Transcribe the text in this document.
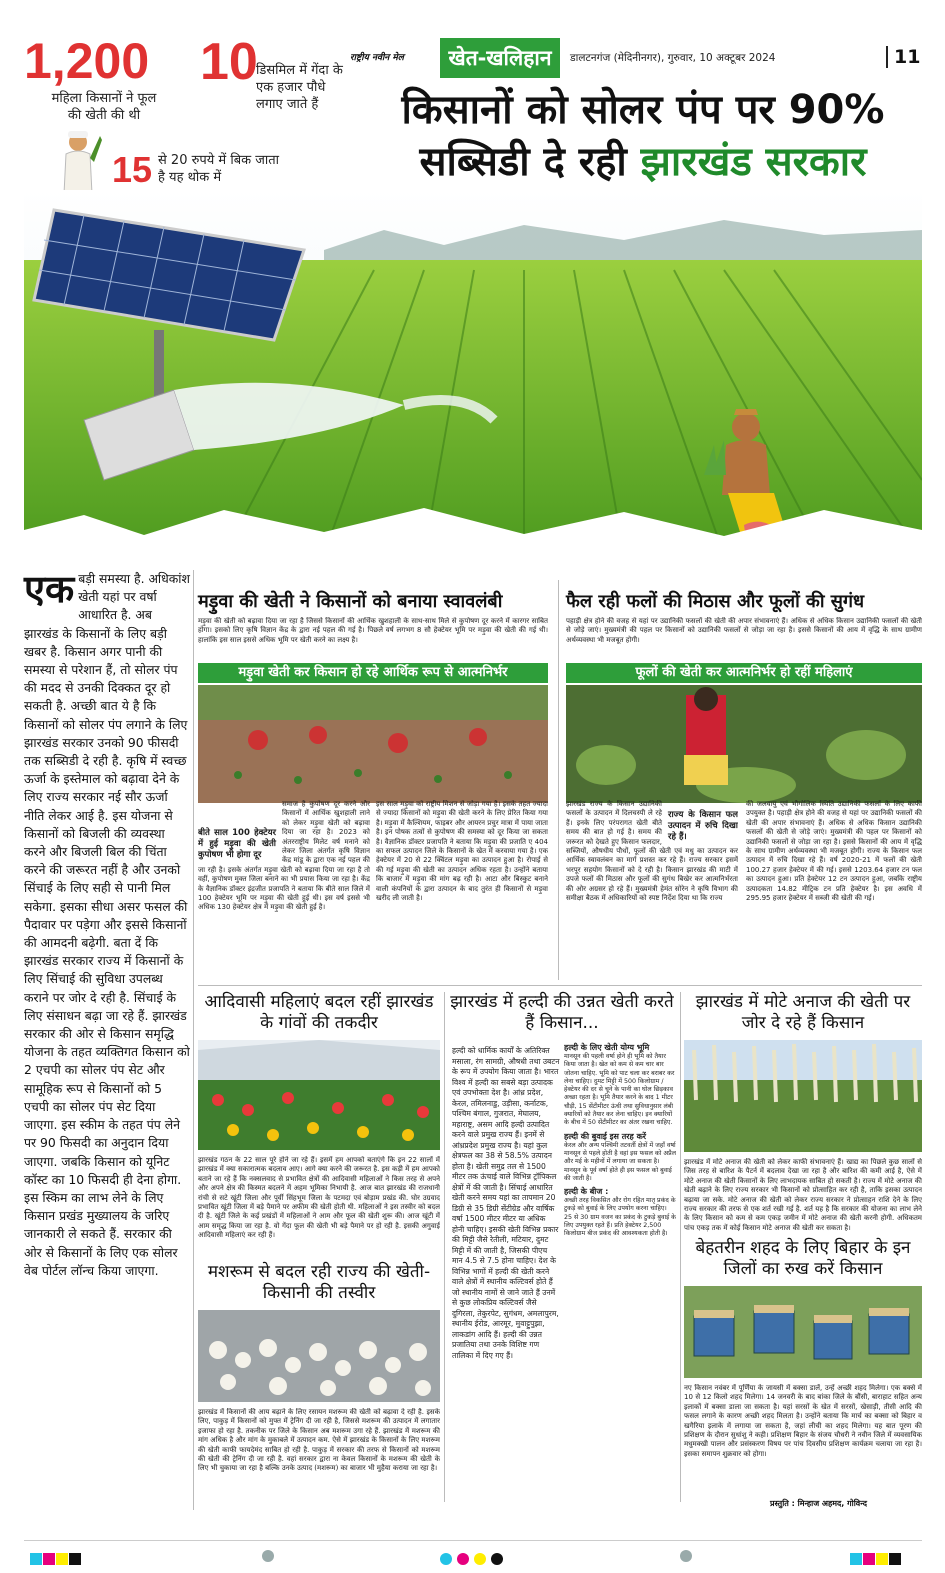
1,200
महिला किसानों ने फूल की खेती की थी
10
डिसमिल में गेंदा के एक हजार पौधे लगाए जाते हैं
15 से 20 रुपये में बिक जाता है यह थोक में
राष्ट्रीय नवीन मेल	खेत-खलिहान	डालटनगंज (मेदिनीनगर), गुरुवार, 10 अक्टूबर 2024	11
किसानों को सोलर पंप पर 90%
सब्सिडी दे रही झारखंड सरकार
एक बड़ी समस्या है. अधिकांश खेती यहां पर वर्षा आधारित है. अब झारखंड के किसानों के लिए बड़ी खबर है. किसान अगर पानी की समस्या से परेशान हैं, तो सोलर पंप की मदद से उनकी दिक्कत दूर हो सकती है. अच्छी बात ये है कि किसानों को सोलर पंप लगाने के लिए झारखंड सरकार उनको 90 फीसदी तक सब्सिडी दे रही है. कृषि में स्वच्छ ऊर्जा के इस्तेमाल को बढ़ावा देने के लिए राज्य सरकार नई सौर ऊर्जा नीति लेकर आई है. इस योजना से किसानों को बिजली की व्यवस्था करने और बिजली बिल की चिंता करने की जरूरत नहीं है और उनको सिंचाई के लिए सही से पानी मिल सकेगा. इसका सीधा असर फसल की पैदावार पर पड़ेगा और इससे किसानों की आमदनी बढ़ेगी. बता दें कि झारखंड सरकार राज्य में किसानों के लिए सिंचाई की सुविधा उपलब्ध कराने पर जोर दे रही है. सिंचाई के लिए संसाधन बढ़ा जा रहे हैं. झारखंड सरकार की ओर से किसान समृद्धि योजना के तहत व्यक्तिगत किसान को 2 एचपी का सोलर पंप सेट और सामूहिक रूप से किसानों को 5 एचपी का सोलर पंप सेट दिया जाएगा. इस स्कीम के तहत पंप लेने पर 90 फिसदी का अनुदान दिया जाएगा. जबकि किसान को यूनिट कॉस्ट का 10 फिसदी ही देना होगा. इस स्किम का लाभ लेने के लिए किसान प्रखंड मुख्यालय के जरिए जानकारी ले सकते हैं. सरकार की ओर से किसानों के लिए एक सोलर वेब पोर्टल लॉन्च किया जाएगा.
मड़ुवा की खेती ने किसानों को बनाया स्वावलंबी
मड़ुवा की खेती को बढ़ावा दिया जा रहा है जिससे किसानों की आर्थिक खुशहाली के साथ-साथ मिले से कुपोषण दूर करने में कारगर साबित होगा। इसको लिए कृषि विज्ञान केंद्र के द्वारा नई पहल की गई है। पिछले वर्ष लगभग 8 सौ हेक्टेयर भूमि पर मड़ुवा की खेती की गई थी। हालांकि इस साल इससे अधिक भूमि पर खेती करने का लक्ष्य है।
मड़ुवा खेती कर किसान हो रहे आर्थिक रूप से आत्मनिर्भर
बीते साल 100 हेक्टेयर में हुई मड़ुवा की खेती कुपोषण भी होगा दूर
समाज है कुपोषण दूर करने और किसानों में आर्थिक खुशहाली लाने को लेकर मड़ुवा खेती को बढ़ावा दिया जा रहा है। 2023 को अंतरराष्ट्रीय मिलेट वर्ष मनाने को लेकर जिला अंतर्गत कृषि विज्ञान केंद्र मांडू के द्वारा एक नई पहल की जा रही है। इसके अंतर्गत मड़ुवा खेती को बढ़ावा दिया जा रहा है तो वहीं, कुपोषण मुक्त जिला बनाने का भी प्रयास किया जा रहा है। केंद्र के वैज्ञानिक डॉक्टर इंद्रजीत प्रजापति ने बताया कि बीते साल जिले में 100 हेक्टेयर भूमि पर मड़ुवा की खेती हुई थी। इस वर्ष इससे भी अधिक 130 हेक्टेयर क्षेत्र में मड़ुवा की खेती हुई है।
इस साल मड़ुवा को राष्ट्रीय मिशन से जोड़ा गया है। इसके तहत ज्यादा से ज्यादा किसानों को मड़ुवा की खेती करने के लिए प्रेरित किया गया है। मड़ुवा में कैल्शियम, फाइबर और आयरन प्रचुर मात्रा में पाया जाता है। इन पोषक तत्वों से कुपोषण की समस्या को दूर किया जा सकता है। वैज्ञानिक डॉक्टर प्रजापति ने बताया कि मड़ुवा की प्रजाति ए 404 का सफल उत्पादन जिले के किसानों के खेत में करवाया गया है। एक हेक्टेयर में 20 से 22 क्विंटल मड़ुवा का उत्पादन हुआ है। रोपाई से की गई मड़ुवा की खेती का उत्पादन अधिक रहता है। उन्होंने बताया कि बाजार में मड़ुवा की मांग बढ़ रही है। आटा और बिस्कुट बनाने वाली कंपनियों के द्वारा उत्पादन के बाद तुरंत ही किसानों से मड़ुवा खरीद ली जाती है।
फैल रही फलों की मिठास और फूलों की सुगंध
पहाड़ी क्षेत्र होने की वजह से यहां पर उद्यानिकी फसलों की खेती की अपार संभावनाएं हैं। अधिक से अधिक किसान उद्यानिकी फसलों की खेती से जोड़े जाएं। मुख्यमंत्री की पहल पर किसानों को उद्यानिकी फसलों से जोड़ा जा रहा है। इससे किसानों की आय में वृद्धि के साथ ग्रामीण अर्थव्यवस्था भी मजबूत होगी।
फूलों की खेती कर आत्मनिर्भर हो रहीं महिलाएं
राज्य के किसान फल उत्पादन में रुचि दिखा रहे हैं।
झारखंड राज्य के किसान उद्यानिकी फसलों के उत्पादन में दिलचस्पी ले रहे हैं। इनके लिए परंपरागत खेती बीते समय की बात हो गई है। समय की जरूरत को देखते हुए किसान फलदार, सब्जियों, औषधीय पौधों, फूलों की खेती एवं मधु का उत्पादन कर आर्थिक स्वावलंबन का मार्ग प्रशस्त कर रहे हैं। राज्य सरकार इसमें भरपूर सहयोग किसानों को दे रही है। किसान झारखंड की माटी में उपजे फलों की मिठास और फूलों की सुगंध बिखेर कर आत्मनिर्भरता की ओर अग्रसर हो रहे हैं। मुख्यमंत्री हेमंत सोरेन ने कृषि विभाग की समीक्षा बैठक में अधिकारियों को स्पष्ट निर्देश दिया था कि राज्य
की जलवायु एवं भौगोलिक स्थिति उद्यानिकी फसलों के लिए काफी उपयुक्त है। पहाड़ी क्षेत्र होने की वजह से यहां पर उद्यानिकी फसलों की खेती की अपार संभावनाएं हैं। अधिक से अधिक किसान उद्यानिकी फसलों की खेती से जोड़े जाएं। मुख्यमंत्री की पहल पर किसानों को उद्यानिकी फसलों से जोड़ा जा रहा है। इससे किसानों की आय में वृद्धि के साथ ग्रामीण अर्थव्यवस्था भी मजबूत होगी। राज्य के किसान फल उत्पादन में रुचि दिखा रहे हैं। वर्ष 2020-21 में फलों की खेती 100.27 हजार हेक्टेयर में की गई। इससे 1203.64 हजार टन फल का उत्पादन हुआ। प्रति हेक्टेयर 12 टन उत्पादन हुआ, जबकि राष्ट्रीय उत्पादकता 14.82 मीट्रिक टन प्रति हेक्टेयर है। इस अवधि में 295.95 हजार हेक्टेयर में सब्जी की खेती की गई।
आदिवासी महिलाएं बदल रहीं झारखंड के गांवों की तकदीर
झारखंड गठन के 22 साल पूरे होने जा रहे हैं। इसमें हम आपको बताएंगे कि इन 22 सालों में झारखंड में क्या सकारात्मक बदलाव आए। आगे क्या करने की जरूरत है. इस कड़ी में हम आपको बताने जा रहे हैं कि नक्सलवाद से प्रभावित क्षेत्रों की आदिवासी महिलाओं ने किस तरह से अपने और अपने क्षेत्र की किस्मत बदलने में अहम भूमिका निभायी है. आज बात झारखंड की राजधानी रांची से सटे खूंटी जिला और पूर्वी सिंहभूम जिला के पटमदा एवं बोड़ाम प्रखंड की. घोर उग्रवाद प्रभावित खूंटी जिला में बड़े पैमाने पर अफीम की खेती होती थी. महिलाओं ने इस तस्वीर को बदल दी है. खूंटी जिले के कई प्रखंडों में महिलाओं ने आम और फूल की खेती शुरू की। आज खूंटी में आम समृद्ध किया जा रहा है. वो गेंदा फूल की खेती भी बड़े पैमाने पर हो रही है. इसकी अगुवाई आदिवासी महिलाएं कर रही हैं।
मशरूम से बदल रही राज्य की खेती-किसानी की तस्वीर
झारखंड में किसानों की आय बढ़ाने के लिए रसायन मशरूम की खेती को बढ़ावा दे रही है. इसके लिए, पाकुड़ में किसानों को मुफ्त में ट्रेनिंग दी जा रही है, जिससे मशरूम की उत्पादन में लगातार इजाफा हो रहा है. तकनीक पर जिले के किसान अब मशरूम उगा रहे हैं. झारखंड में मशरूम की मांग अधिक है और मांग के मुकाबले में उत्पादन कम. ऐसे में झारखंड के किसानों के लिए मशरूम की खेती काफी फायदेमंद साबित हो रही है. पाकुड़ में सरकार की तरफ से किसानों को मशरूम की खेती की ट्रेनिंग दी जा रही है. वहां सरकार द्वारा ना केवल किसानों के मशरूम की खेती के लिए भी चुकाया जा रहा है बल्कि उनके उत्पाद (मशरूम) का बाजार भी मुहैया कराया जा रहा है।
झारखंड में हल्दी की उन्नत खेती करते हैं किसान...
हल्दी को धार्मिक कार्यों के अतिरिक्त मसाला, रंग सामग्री, औषधी तथा उबटन के रूप में उपयोग किया जाता है। भारत विश्व में हल्दी का सबसे बड़ा उत्पादक एवं उपभोक्ता देश है। आंध्र प्रदेश, केरल, तमिलनाडु, उड़ीसा, कर्नाटक, पश्चिम बंगाल, गुजरात, मेघालय, महाराष्ट्र, असम आदि हल्दी उत्पादित करने वाले प्रमुख राज्य हैं। इनमें से आंध्रप्रदेश प्रमुख राज्य है। यहां कुल क्षेत्रफल का 38 से 58.5% उत्पादन होता है। खेती समुद्र तल से 1500 मीटर तक ऊंचाई वाले विभिन्न ट्रॉपिकल क्षेत्रों में की जाती है। सिंचाई आधारित खेती करने समय यहां का तापमान 20 डिग्री से 35 डिग्री सेंटीग्रेड और वार्षिक वर्षा 1500 मीटर मीटर या अधिक होनी चाहिए। इसकी खेती विभिन्न प्रकार की मिट्टी जैसे रेतीली, मटियार, दुमट मिट्टी में की जाती है, जिसकी पीएच मान 4.5 से 7.5 होना चाहिए। देश के विभिन्न भागों में हल्दी की खेती करने वाले क्षेत्रों में स्थानीय कल्टिवर्स होते हैं जो स्थानीय नामों से जाने जाते हैं उनमें से कुछ लोकप्रिय कल्टिवर्स जैसे दुगिरला, तेकुरपेट, सुगंधम, अमलापुरम, स्थानीय ईरोड, आरमूर, मुवाट्टुपुझा, लाकडांग आदि हैं। हल्दी की उन्नत प्रजातिया तथा उनके विशिष्ट गण तालिका में दिए गए हैं।
हल्दी के लिए खेती योग्य भूमि
मानसून की पहली वर्षा होने ही भूमि को तैयार किया जाता है। खेत को कम से कम चार बार जोतना चाहिए. भूमि को पाट चला कर बराबर कर लेना चाहिए। दुमट मिट्टी में 500 किलोग्राम / हेक्टेयर की दर से चूने के पानी का घोल छिड़काव अच्छा रहता है। भूमि तैयार करने के बाद 1 मीटर चौड़ी, 15 सेंटीमीटर ऊंची तथा सुविधानुसार लंबी क्यारियों को तैयार कर लेना चाहिए। इन क्यारियों के बीच में 50 सेंटीमीटर का अंतर रखना चाहिए.
हल्दी की बुवाई इस तरह करें
केरल और अन्य पश्चिमी तटवर्ती क्षेत्रों में जहाँ वर्षा मानसून से पहले होती है वहां इस फसल को अप्रैल और मई के महीनों में लगाया जा सकता है। मानसून के पूर्व वर्षा होते ही इस फसल को बुवाई की जाती है।
हल्दी के बीज :
अच्छी तरह विकसित और रोग रहित मातृ प्रकंद के टुकड़े को बुवाई के लिए उपयोग करना चाहिए। 25 से 30 ग्राम वजन का प्रकंद के टुकड़े बुवाई के लिए उपयुक्त रहते हैं। प्रति हेक्टेयर 2,500 किलोग्राम बीज प्रकंद की आवश्यकता होती है।
झारखंड में मोटे अनाज की खेती पर जोर दे रहे हैं किसान
झारखंड में मोटे अनाज की खेती को लेकर काफी संभावनाएं हैं। खाद्य का पिछले कुछ सालों से जिस तरह से बारिश के पैटर्न में बदलाव देखा जा रहा है और बारिश की कमी आई है, ऐसे में मोटे अनाज की खेती किसानों के लिए लाभदायक साबित हो सकती है। राज्य में मोटे अनाज की खेती बढ़ाने के लिए राज्य सरकार भी किसानों को प्रोत्साहित कर रही है, ताकि इसका उत्पादन बढ़ाया जा सके. मोटे अनाज की खेती को लेकर राज्य सरकार ने प्रोत्साहन राशि देने के लिए राज्य सरकार की तरफ से एक शर्त रखी गई है. शर्त यह है कि सरकार की योजना का लाभ लेने के लिए किसान को कम से कम एकड़ जमीन में मोटे अनाज की खेती करनी होगी. अधिकतम पांच एकड़ तक में कोई किसान मोटे अनाज की खेती कर सकता है।
बेहतरीन शहद के लिए बिहार के इन जिलों का रुख करें किसान
नए किसान नवंबर में पूर्णिया के जायसी में बक्सा डालें, उन्हें अच्छी शहद मिलेगा। एक बक्से में 10 से 12 किलो शहद मिलेगा। 14 जनवरी के बाद बांका जिले के बौंसी, बाराहाट सहित अन्य इलाकों में बक्सा डाला जा सकता है। यहां सरसों के खेत में सरसों, खेसाड़ी, तीसी आदि की फसल लगाने के कारण अच्छी शहद मिलता है। उन्होंने बताया कि मार्च का बक्सा को बिहार व खगैरिया इलाके में लगाया जा सकता है, जहां लीची का शहद मिलेगा। यह बात पूरण की प्रशिक्षण के दौरान सुधांशु ने कही। प्रशिक्षण बिहार के संजय चौधरी ने नवीन जिले में व्यवसायिक मधुमक्खी पालन और प्रसंस्करण विषय पर पांच दिवसीय प्रशिक्षण कार्यक्रम चलाया जा रहा है। इसका समापन शुक्रवार को होगा।
प्रस्तुति : मिन्हाज अहमद, गोविन्द
